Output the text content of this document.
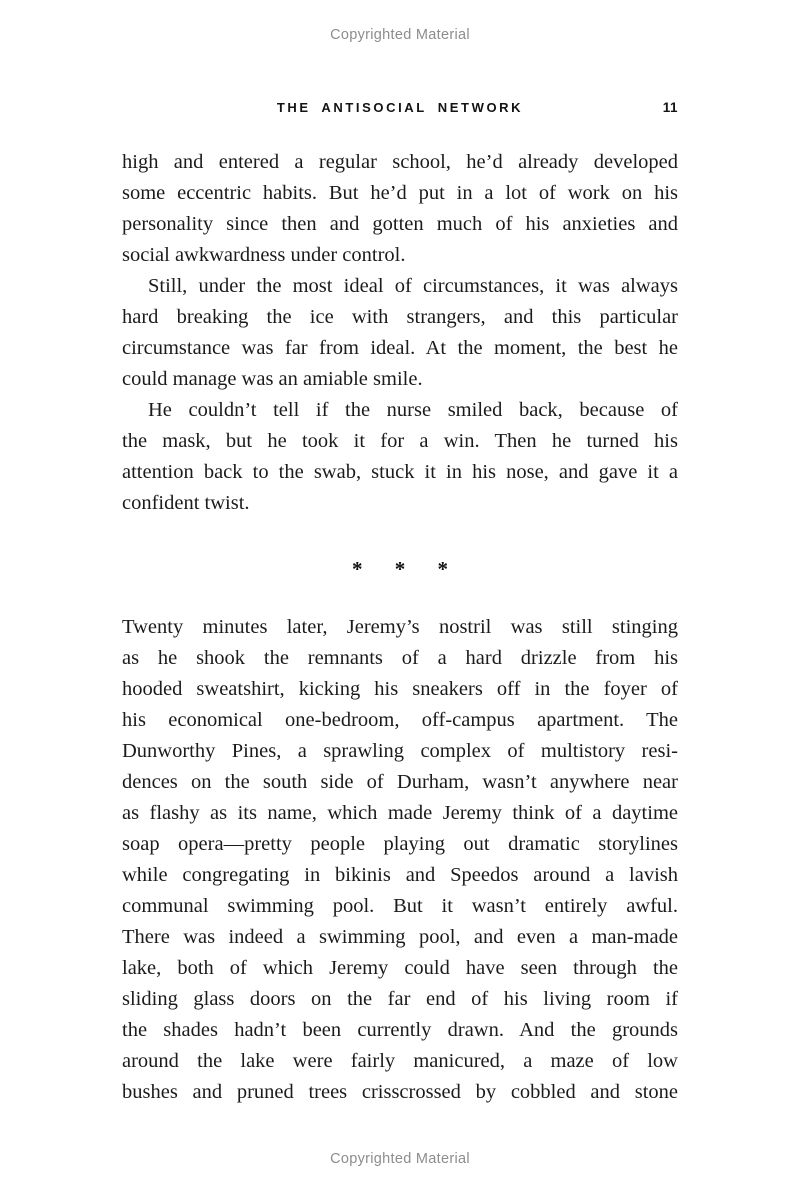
Copyrighted Material
THE ANTISOCIAL NETWORK	11
high and entered a regular school, he’d already developed
some eccentric habits. But he’d put in a lot of work on his
personality since then and gotten much of his anxieties and
social awkwardness under control.
Still, under the most ideal of circumstances, it was always
hard breaking the ice with strangers, and this particular
circumstance was far from ideal. At the moment, the best he
could manage was an amiable smile.
He couldn’t tell if the nurse smiled back, because of
the mask, but he took it for a win. Then he turned his
attention back to the swab, stuck it in his nose, and gave it a
confident twist.
* * *
Twenty minutes later, Jeremy’s nostril was still stinging
as he shook the remnants of a hard drizzle from his
hooded sweatshirt, kicking his sneakers off in the foyer of
his economical one-bedroom, off-campus apartment. The
Dunworthy Pines, a sprawling complex of multistory resi-
dences on the south side of Durham, wasn’t anywhere near
as flashy as its name, which made Jeremy think of a daytime
soap opera—pretty people playing out dramatic storylines
while congregating in bikinis and Speedos around a lavish
communal swimming pool. But it wasn’t entirely awful.
There was indeed a swimming pool, and even a man-made
lake, both of which Jeremy could have seen through the
sliding glass doors on the far end of his living room if
the shades hadn’t been currently drawn. And the grounds
around the lake were fairly manicured, a maze of low
bushes and pruned trees crisscrossed by cobbled and stone
Copyrighted Material
